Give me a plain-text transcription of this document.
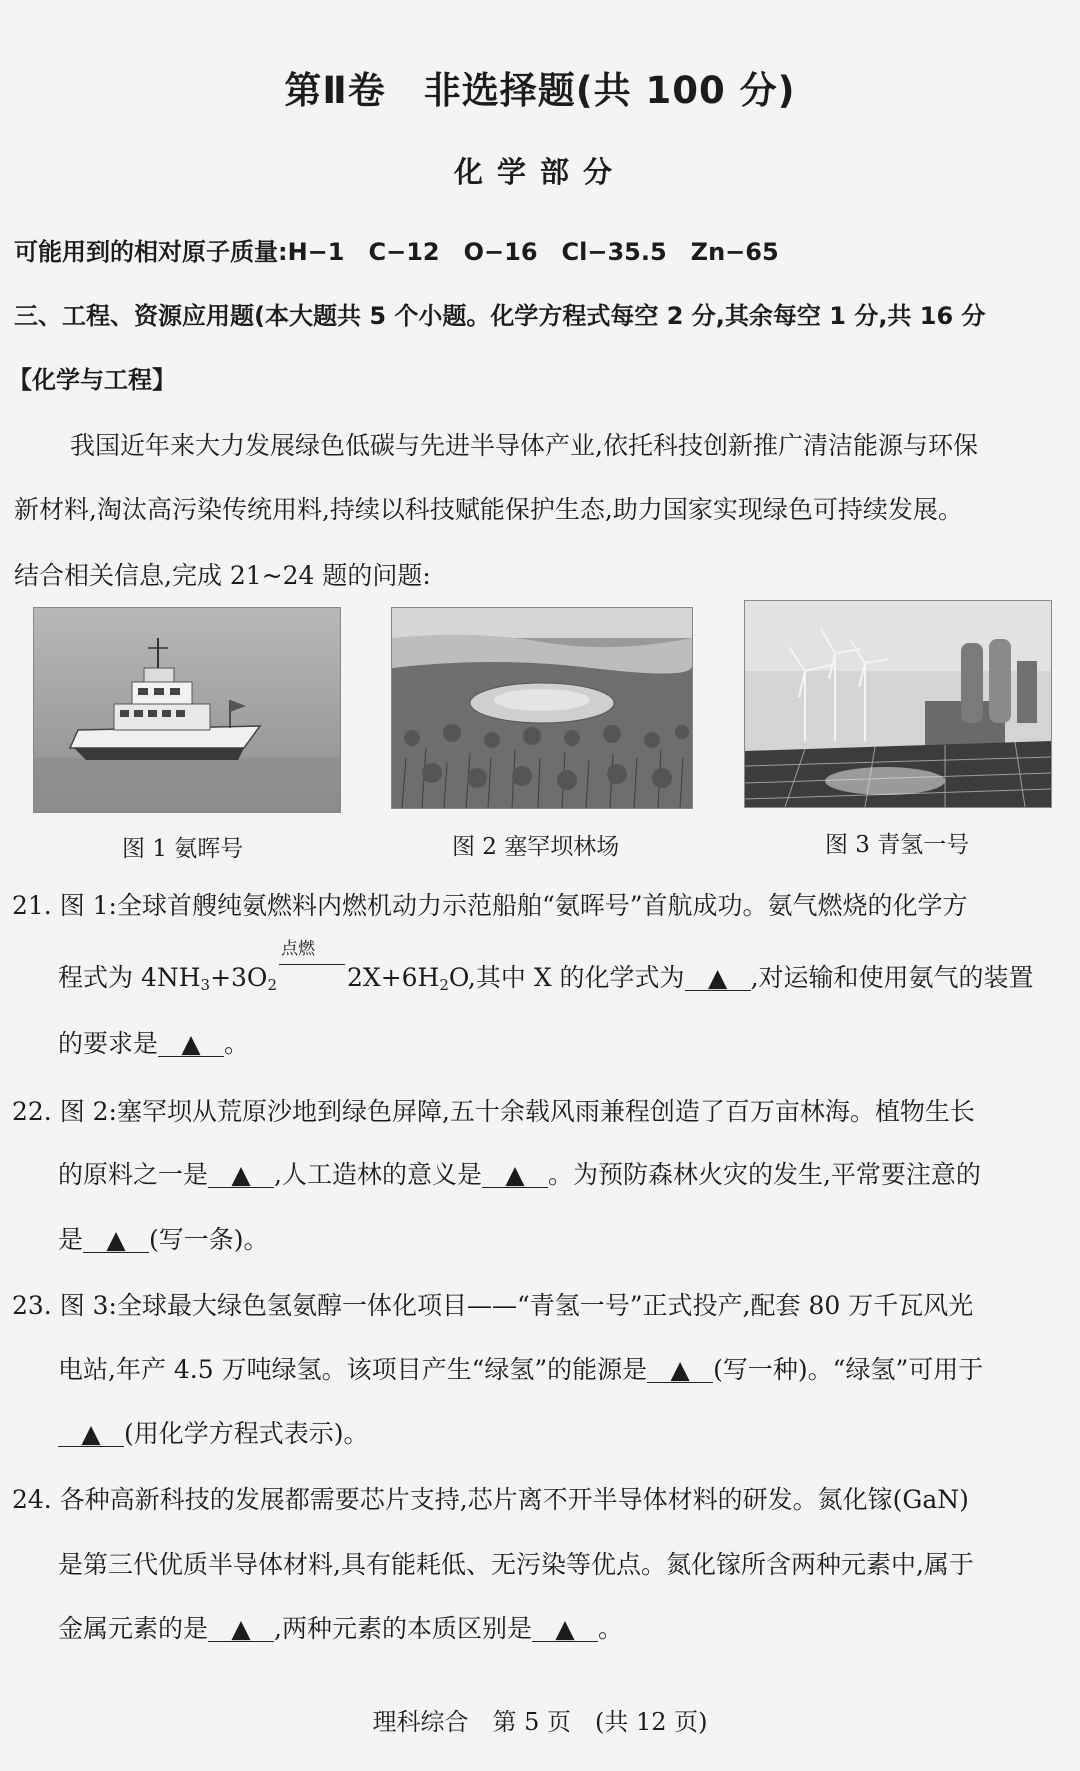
第Ⅱ卷　非选择题(共 100 分)
化学部分
可能用到的相对原子质量:H−1　C−12　O−16　Cl−35.5　Zn−65
三、工程、资源应用题(本大题共 5 个小题。化学方程式每空 2 分,其余每空 1 分,共 16 分
【化学与工程】
我国近年来大力发展绿色低碳与先进半导体产业,依托科技创新推广清洁能源与环保
新材料,淘汰高污染传统用料,持续以科技赋能保护生态,助力国家实现绿色可持续发展。
结合相关信息,完成 21~24 题的问题:
图 1 氨晖号	图 2 塞罕坝林场	图 3 青氢一号
21. 图 1:全球首艘纯氨燃料内燃机动力示范船舶“氨晖号”首航成功。氨气燃烧的化学方
程式为 $4NH_3+3O_2$
点燃
$2X+6H_2O$,其中 X 的化学式为 ▲ ,对运输和使用氨气的装置
的要求是 ▲ 。
22. 图 2:塞罕坝从荒原沙地到绿色屏障,五十余载风雨兼程创造了百万亩林海。植物生长
的原料之一是 ▲ ,人工造林的意义是 ▲ 。为预防森林火灾的发生,平常要注意的
是 ▲ (写一条)。
23. 图 3:全球最大绿色氢氨醇一体化项目——“青氢一号”正式投产,配套 80 万千瓦风光
电站,年产 4.5 万吨绿氢。该项目产生“绿氢”的能源是 ▲ (写一种)。“绿氢”可用于
▲ (用化学方程式表示)。
24. 各种高新科技的发展都需要芯片支持,芯片离不开半导体材料的研发。氮化镓(GaN)
是第三代优质半导体材料,具有能耗低、无污染等优点。氮化镓所含两种元素中,属于
金属元素的是 ▲ ,两种元素的本质区别是 ▲ 。
理科综合　第 5 页　(共 12 页)
